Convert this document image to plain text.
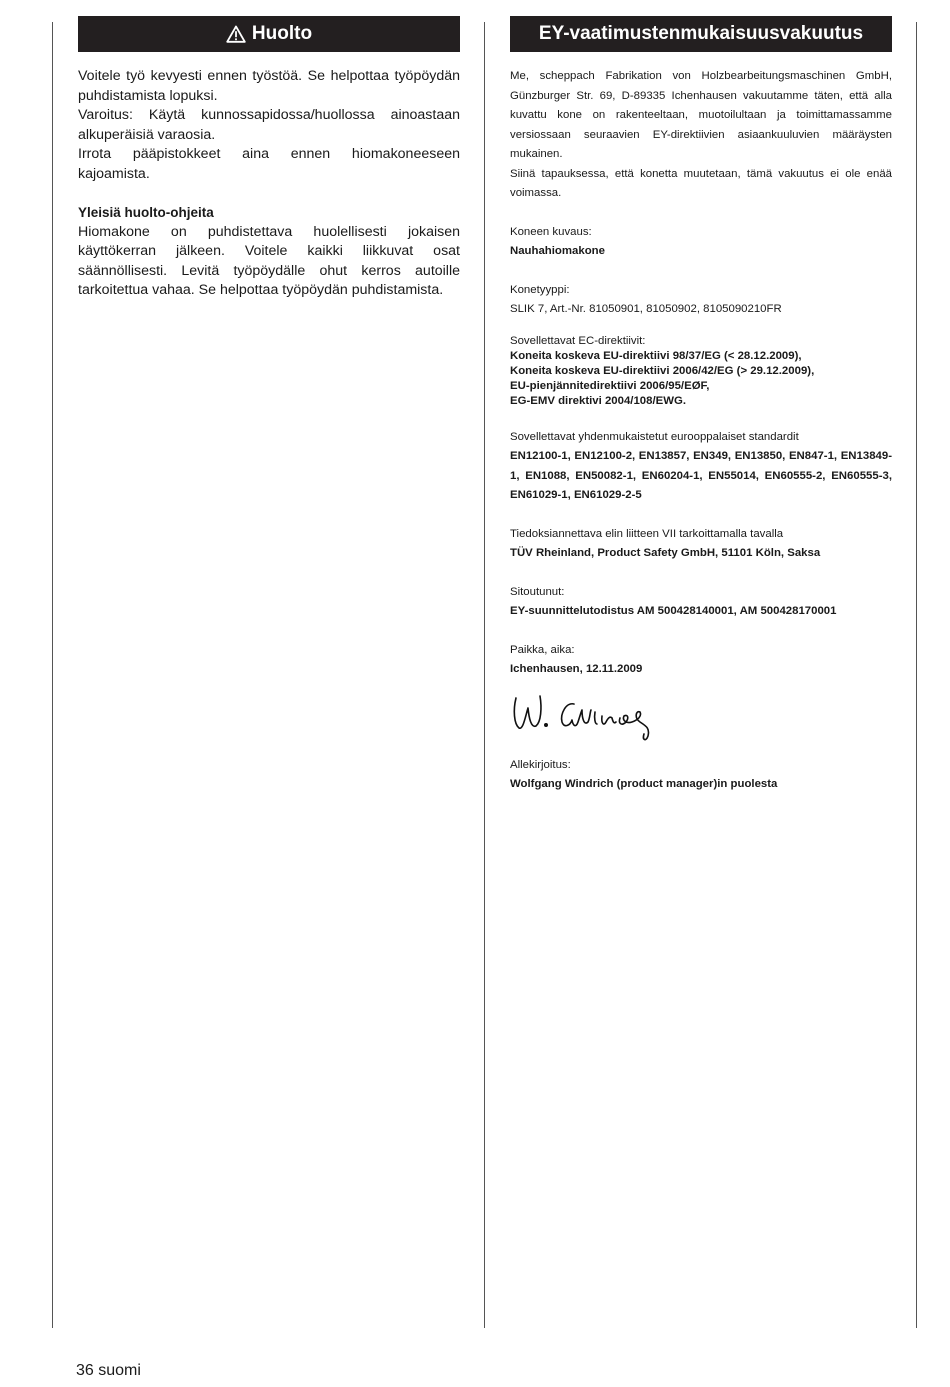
Huolto

Voitele työ kevyesti ennen työstöä. Se helpottaa työpöydän puhdistamista lopuksi.

Varoitus: Käytä kunnossapidossa/huollossa ainoastaan alkuperäisiä varaosia.

Irrota pääpistokkeet aina ennen hiomakoneeseen kajoamista.

Yleisiä huolto-ohjeita

Hiomakone on puhdistettava huolellisesti jokaisen käyttökerran jälkeen. Voitele kaikki liikkuvat osat säännöllisesti. Levitä työpöydälle ohut kerros autoille tarkoitettua vahaa. Se helpottaa työpöydän puhdistamista.

EY-vaatimustenmukaisuusvakuutus

Me, scheppach Fabrikation von Holzbearbeitungsmaschinen GmbH, Günzburger Str. 69, D-89335 Ichenhausen vakuutamme täten, että alla kuvattu kone on rakenteeltaan, muotoilultaan ja toimittamassamme versiossaan seuraavien EY-direktiivien asiaankuuluvien määräysten mukainen.

Siinä tapauksessa, että konetta muutetaan, tämä vakuutus ei ole enää voimassa.

Koneen kuvaus:

Nauhahiomakone

Konetyyppi:

SLIK 7, Art.-Nr. 81050901, 81050902, 8105090210FR

Sovellettavat EC-direktiivit:

Koneita koskeva EU-direktiivi 98/37/EG (< 28.12.2009),

Koneita koskeva EU-direktiivi 2006/42/EG (> 29.12.2009),

EU-pienjännitedirektiivi 2006/95/EØF,

EG-EMV direktivi 2004/108/EWG.

Sovellettavat yhdenmukaistetut eurooppalaiset standardit

EN12100-1, EN12100-2, EN13857, EN349, EN13850, EN847-1, EN13849-1, EN1088, EN50082-1, EN60204-1, EN55014, EN60555-2, EN60555-3, EN61029-1, EN61029-2-5

Tiedoksiannettava elin liitteen VII tarkoittamalla tavalla

TÜV Rheinland, Product Safety GmbH, 51101 Köln, Saksa

Sitoutunut:

EY-suunnittelutodistus AM 500428140001, AM 500428170001

Paikka, aika:

Ichenhausen, 12.11.2009

Allekirjoitus:

Wolfgang Windrich (product manager)in puolesta

36 suomi
